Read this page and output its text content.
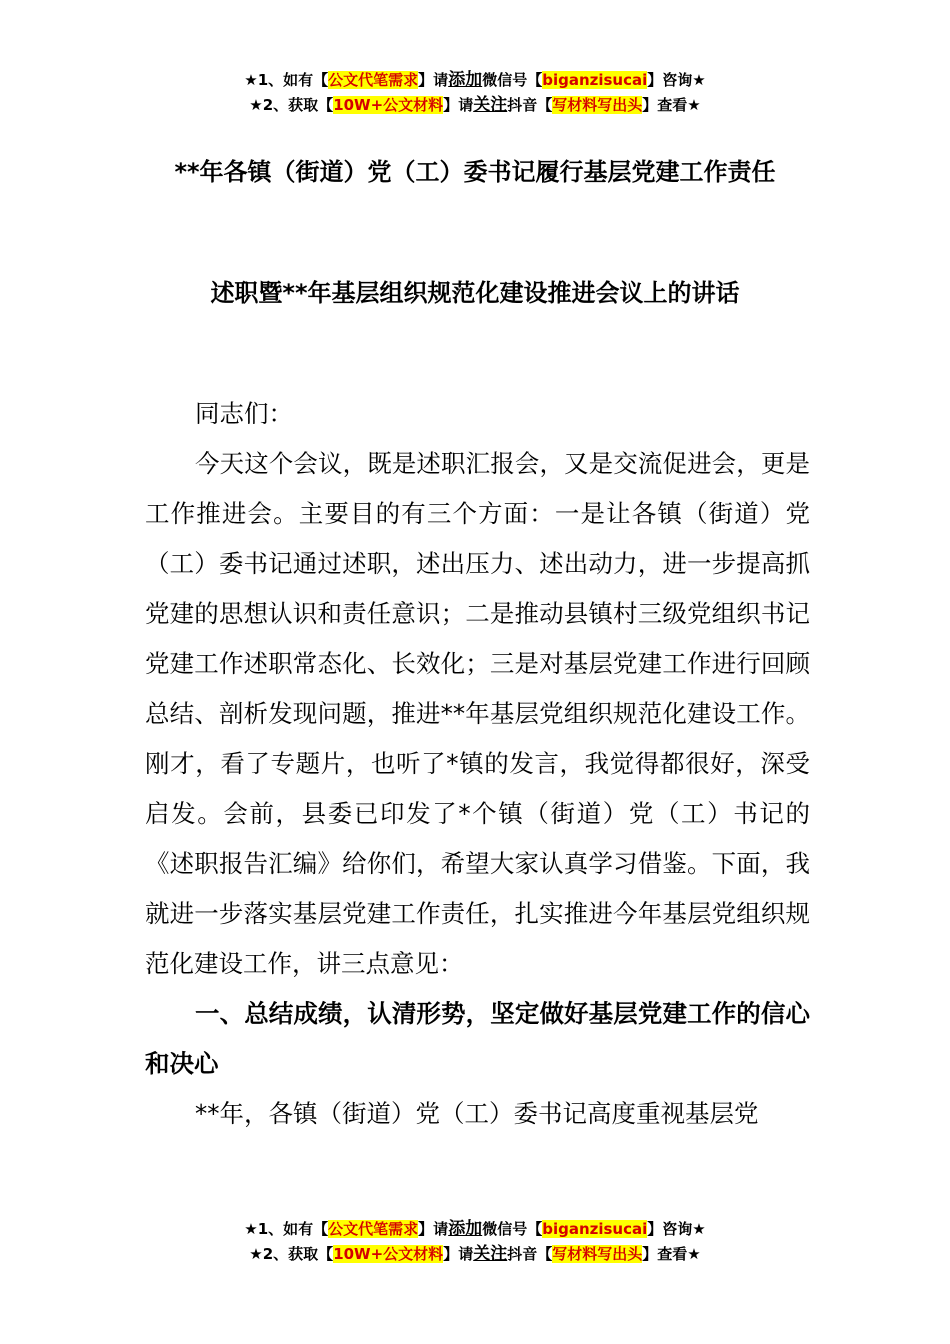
★1、如有【公文代笔需求】请添加微信号【biganzisucai】咨询★
★2、获取【10W+公文材料】请关注抖音【写材料写出头】查看★
**年各镇（街道）党（工）委书记履行基层党建工作责任
述职暨**年基层组织规范化建设推进会议上的讲话

同志们：

今天这个会议，既是述职汇报会，又是交流促进会，更是工作推进会。主要目的有三个方面：一是让各镇（街道）党（工）委书记通过述职，述出压力、述出动力，进一步提高抓党建的思想认识和责任意识；二是推动县镇村三级党组织书记党建工作述职常态化、长效化；三是对基层党建工作进行回顾总结、剖析发现问题，推进**年基层党组织规范化建设工作。刚才，看了专题片，也听了*镇的发言，我觉得都很好，深受启发。会前，县委已印发了*个镇（街道）党（工）书记的《述职报告汇编》给你们，希望大家认真学习借鉴。下面，我就进一步落实基层党建工作责任，扎实推进今年基层党组织规范化建设工作，讲三点意见：

一、总结成绩，认清形势，坚定做好基层党建工作的信心和决心

**年，各镇（街道）党（工）委书记高度重视基层党

★1、如有【公文代笔需求】请添加微信号【biganzisucai】咨询★
★2、获取【10W+公文材料】请关注抖音【写材料写出头】查看★
